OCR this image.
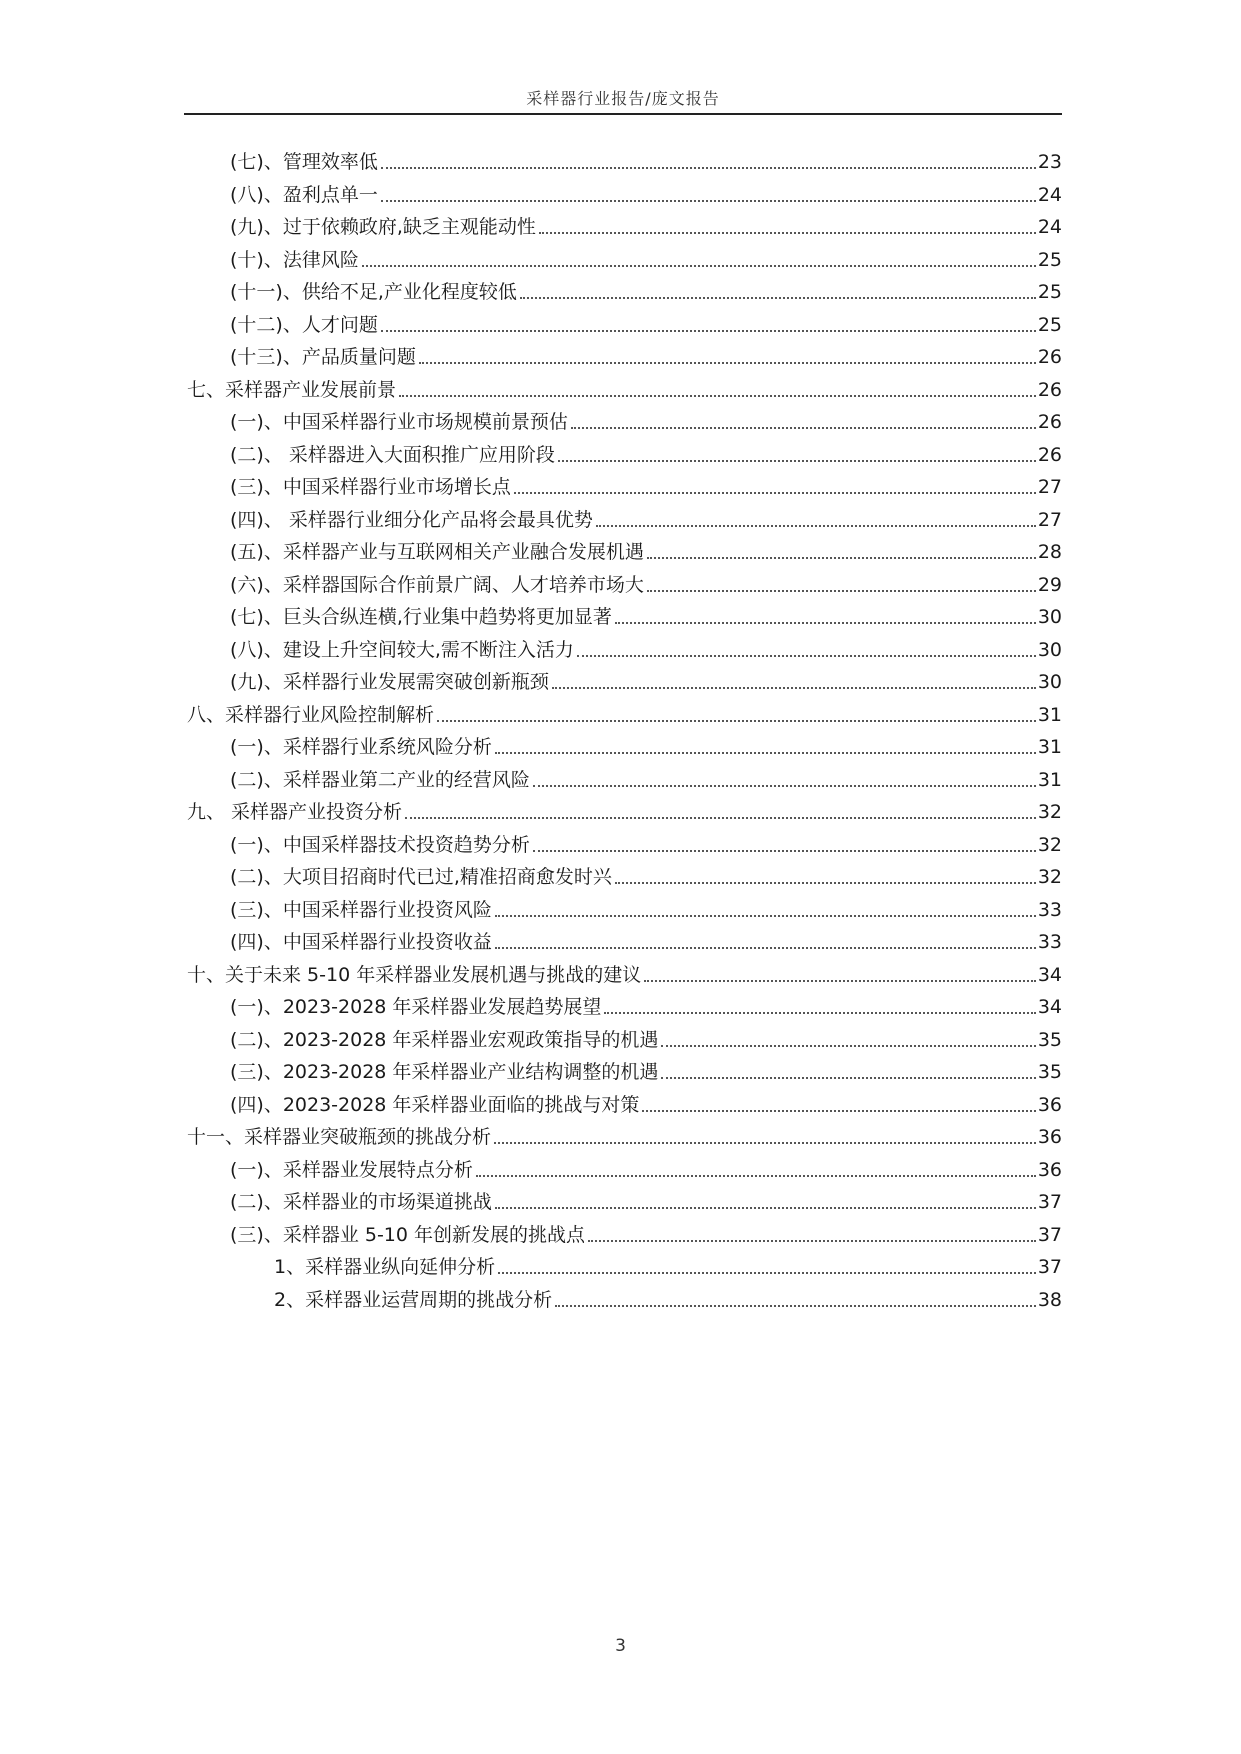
采样器行业报告/庞文报告
(七)、管理效率低	23
(八)、盈利点单一	24
(九)、过于依赖政府,缺乏主观能动性	24
(十)、法律风险	25
(十一)、供给不足,产业化程度较低	25
(十二)、人才问题	25
(十三)、产品质量问题	26
七、采样器产业发展前景	26
(一)、中国采样器行业市场规模前景预估	26
(二)、 采样器进入大面积推广应用阶段	26
(三)、中国采样器行业市场增长点	27
(四)、 采样器行业细分化产品将会最具优势	27
(五)、采样器产业与互联网相关产业融合发展机遇	28
(六)、采样器国际合作前景广阔、人才培养市场大	29
(七)、巨头合纵连横,行业集中趋势将更加显著	30
(八)、建设上升空间较大,需不断注入活力	30
(九)、采样器行业发展需突破创新瓶颈	30
八、采样器行业风险控制解析	31
(一)、采样器行业系统风险分析	31
(二)、采样器业第二产业的经营风险	31
九、 采样器产业投资分析	32
(一)、中国采样器技术投资趋势分析	32
(二)、大项目招商时代已过,精准招商愈发时兴	32
(三)、中国采样器行业投资风险	33
(四)、中国采样器行业投资收益	33
十、关于未来 5-10 年采样器业发展机遇与挑战的建议	34
(一)、2023-2028 年采样器业发展趋势展望	34
(二)、2023-2028 年采样器业宏观政策指导的机遇	35
(三)、2023-2028 年采样器业产业结构调整的机遇	35
(四)、2023-2028 年采样器业面临的挑战与对策	36
十一、采样器业突破瓶颈的挑战分析	36
(一)、采样器业发展特点分析	36
(二)、采样器业的市场渠道挑战	37
(三)、采样器业 5-10 年创新发展的挑战点	37
1、采样器业纵向延伸分析	37
2、采样器业运营周期的挑战分析	38
3
